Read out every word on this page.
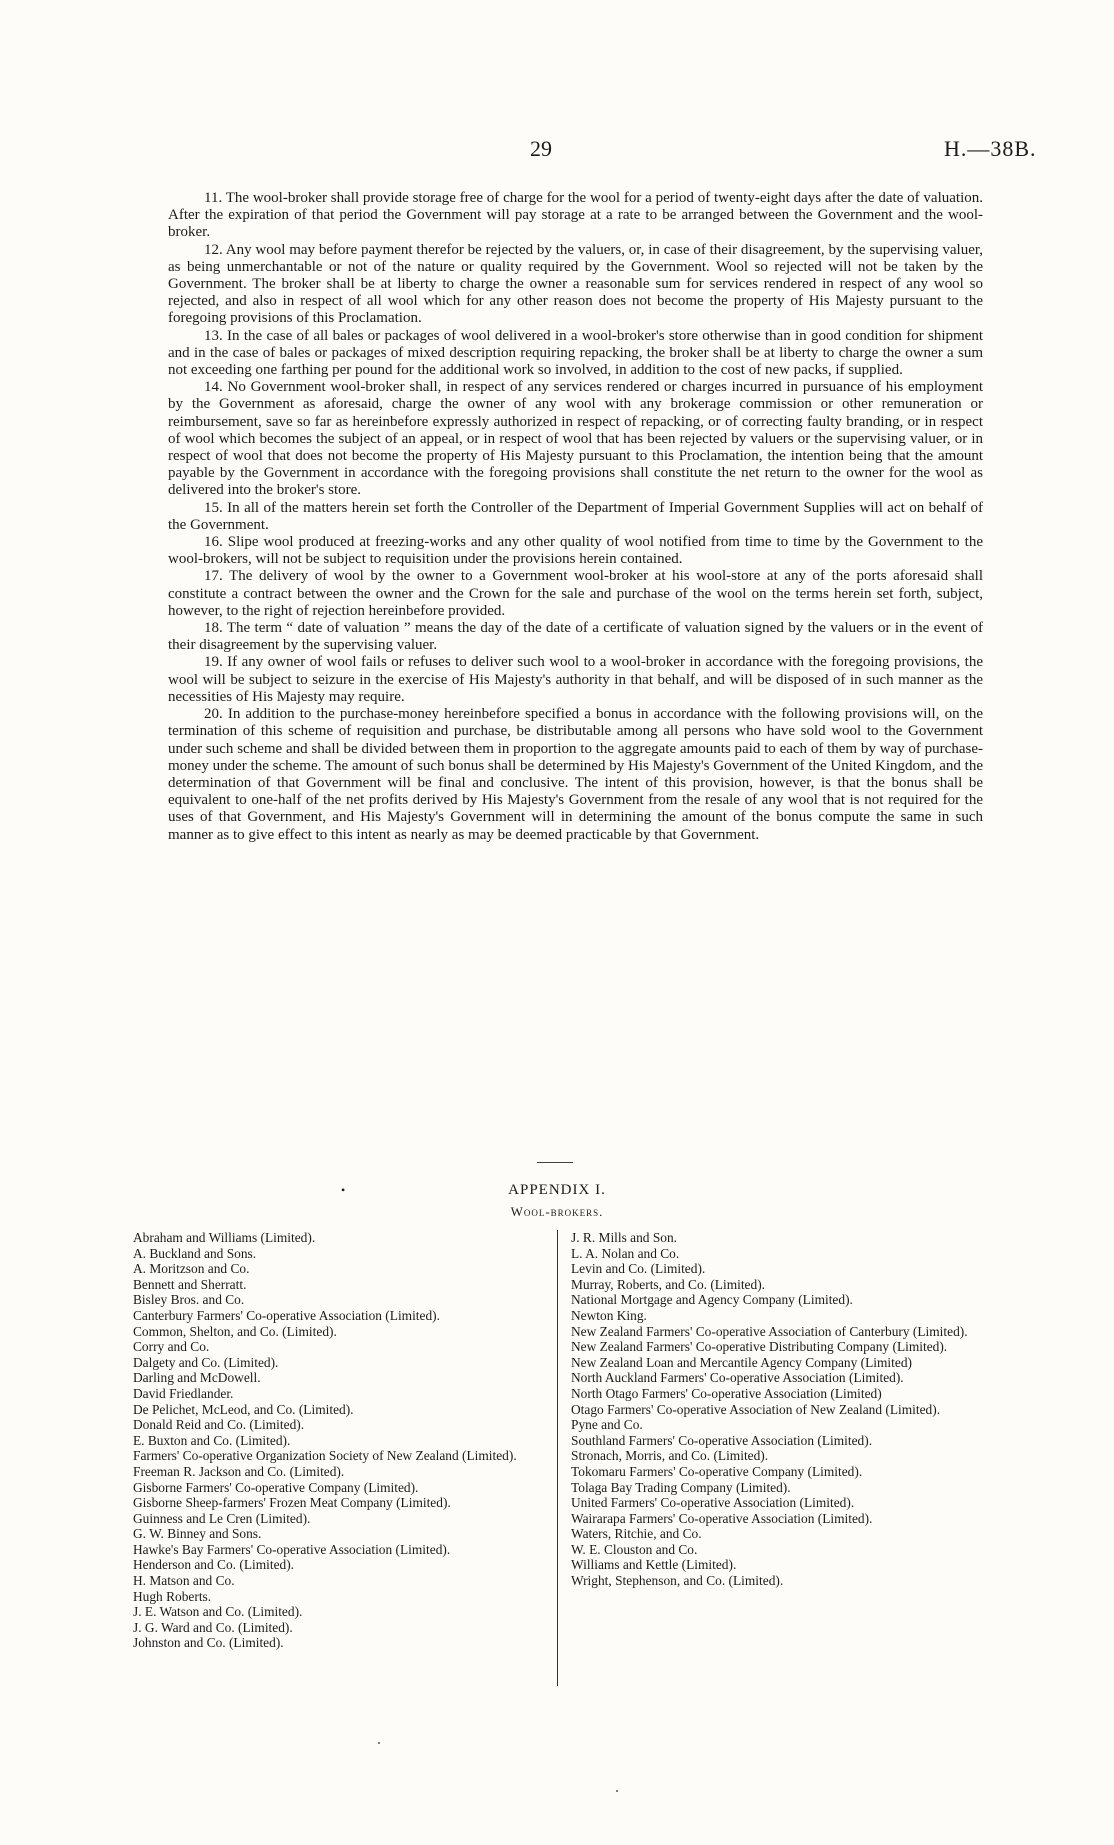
29	H.—38B.

11. The wool-broker shall provide storage free of charge for the wool for a period of twenty-eight days after the date of valuation. After the expiration of that period the Government will pay storage at a rate to be arranged between the Government and the wool-broker.

12. Any wool may before payment therefor be rejected by the valuers, or, in case of their disagreement, by the supervising valuer, as being unmerchantable or not of the nature or quality required by the Government. Wool so rejected will not be taken by the Government. The broker shall be at liberty to charge the owner a reasonable sum for services rendered in respect of any wool so rejected, and also in respect of all wool which for any other reason does not become the property of His Majesty pursuant to the foregoing provisions of this Proclamation.

13. In the case of all bales or packages of wool delivered in a wool-broker's store otherwise than in good condition for shipment and in the case of bales or packages of mixed description requiring repacking, the broker shall be at liberty to charge the owner a sum not exceeding one farthing per pound for the additional work so involved, in addition to the cost of new packs, if supplied.

14. No Government wool-broker shall, in respect of any services rendered or charges incurred in pursuance of his employment by the Government as aforesaid, charge the owner of any wool with any brokerage commission or other remuneration or reimbursement, save so far as hereinbefore expressly authorized in respect of repacking, or of correcting faulty branding, or in respect of wool which becomes the subject of an appeal, or in respect of wool that has been rejected by valuers or the supervising valuer, or in respect of wool that does not become the property of His Majesty pursuant to this Proclamation, the intention being that the amount payable by the Government in accordance with the foregoing provisions shall constitute the net return to the owner for the wool as delivered into the broker's store.

15. In all of the matters herein set forth the Controller of the Department of Imperial Government Supplies will act on behalf of the Government.

16. Slipe wool produced at freezing-works and any other quality of wool notified from time to time by the Government to the wool-brokers, will not be subject to requisition under the provisions herein contained.

17. The delivery of wool by the owner to a Government wool-broker at his wool-store at any of the ports aforesaid shall constitute a contract between the owner and the Crown for the sale and purchase of the wool on the terms herein set forth, subject, however, to the right of rejection hereinbefore provided.

18. The term “ date of valuation ” means the day of the date of a certificate of valuation signed by the valuers or in the event of their disagreement by the supervising valuer.

19. If any owner of wool fails or refuses to deliver such wool to a wool-broker in accordance with the foregoing provisions, the wool will be subject to seizure in the exercise of His Majesty's authority in that behalf, and will be disposed of in such manner as the necessities of His Majesty may require.

20. In addition to the purchase-money hereinbefore specified a bonus in accordance with the following provisions will, on the termination of this scheme of requisition and purchase, be distributable among all persons who have sold wool to the Government under such scheme and shall be divided between them in proportion to the aggregate amounts paid to each of them by way of purchase-money under the scheme. The amount of such bonus shall be determined by His Majesty's Government of the United Kingdom, and the determination of that Government will be final and conclusive. The intent of this provision, however, is that the bonus shall be equivalent to one-half of the net profits derived by His Majesty's Government from the resale of any wool that is not required for the uses of that Government, and His Majesty's Government will in determining the amount of the bonus compute the same in such manner as to give effect to this intent as nearly as may be deemed practicable by that Government.

•	APPENDIX I.
Wool-brokers.

Abraham and Williams (Limited).

A. Buckland and Sons.

A. Moritzson and Co.

Bennett and Sherratt.

Bisley Bros. and Co.

Canterbury Farmers' Co-operative Association (Limited).

Common, Shelton, and Co. (Limited).

Corry and Co.

Dalgety and Co. (Limited).

Darling and McDowell.

David Friedlander.

De Pelichet, McLeod, and Co. (Limited).

Donald Reid and Co. (Limited).

E. Buxton and Co. (Limited).

Farmers' Co-operative Organization Society of New Zealand (Limited).

Freeman R. Jackson and Co. (Limited).

Gisborne Farmers' Co-operative Company (Limited).

Gisborne Sheep-farmers' Frozen Meat Company (Limited).

Guinness and Le Cren (Limited).

G. W. Binney and Sons.

Hawke's Bay Farmers' Co-operative Association (Limited).

Henderson and Co. (Limited).

H. Matson and Co.

Hugh Roberts.

J. E. Watson and Co. (Limited).

J. G. Ward and Co. (Limited).

Johnston and Co. (Limited).

J. R. Mills and Son.

L. A. Nolan and Co.

Levin and Co. (Limited).

Murray, Roberts, and Co. (Limited).

National Mortgage and Agency Company (Limited).

Newton King.

New Zealand Farmers' Co-operative Association of Canterbury (Limited).

New Zealand Farmers' Co-operative Distributing Company (Limited).

New Zealand Loan and Mercantile Agency Company (Limited)

North Auckland Farmers' Co-operative Association (Limited).

North Otago Farmers' Co-operative Association (Limited)

Otago Farmers' Co-operative Association of New Zealand (Limited).

Pyne and Co.

Southland Farmers' Co-operative Association (Limited).

Stronach, Morris, and Co. (Limited).

Tokomaru Farmers' Co-operative Company (Limited).

Tolaga Bay Trading Company (Limited).

United Farmers' Co-operative Association (Limited).

Wairarapa Farmers' Co-operative Association (Limited).

Waters, Ritchie, and Co.

W. E. Clouston and Co.

Williams and Kettle (Limited).

Wright, Stephenson, and Co. (Limited).
